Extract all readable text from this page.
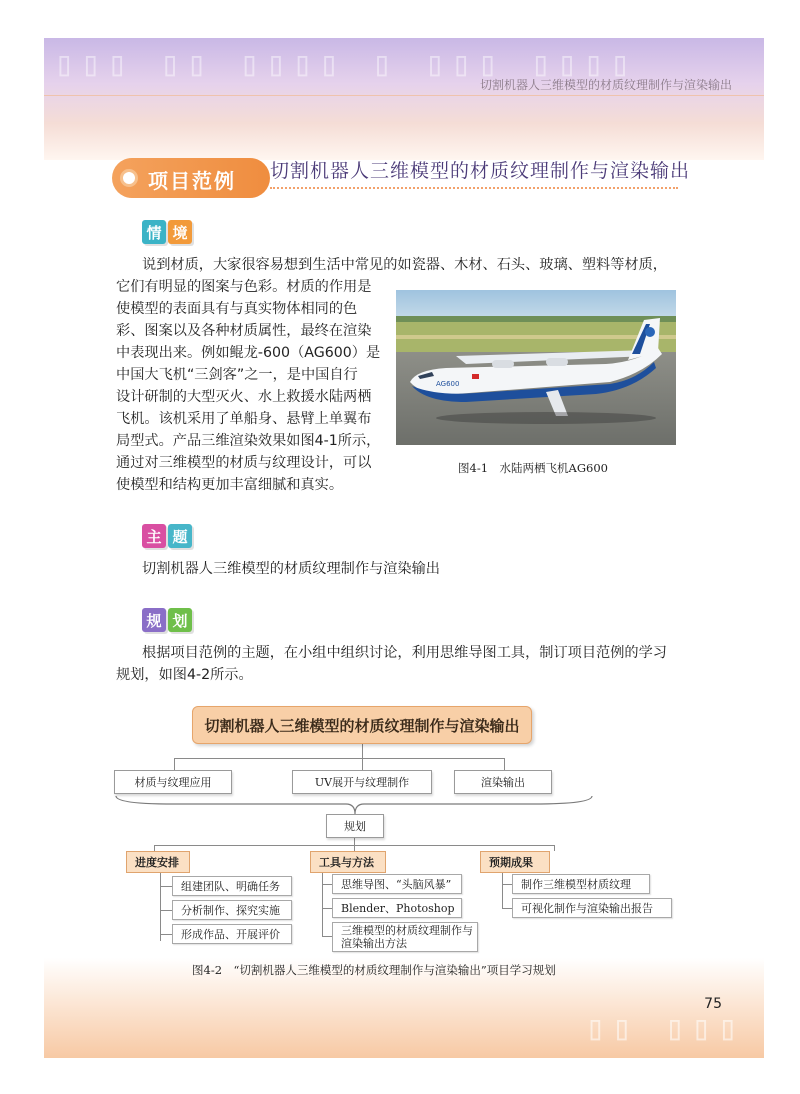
▯▯▯ ▯▯ ▯▯▯▯ ▯ ▯▯▯ ▯▯▯▯
切割机器人三维模型的材质纹理制作与渲染输出
▯▯ ▯▯▯
75
项目范例 切割机器人三维模型的材质纹理制作与渲染输出
情 境
说到材质，大家很容易想到生活中常见的如瓷器、木材、石头、玻璃、塑料等材质，
它们有明显的图案与色彩。材质的作用是
使模型的表面具有与真实物体相同的色
彩、图案以及各种材质属性，最终在渲染
中表现出来。例如鲲龙-600（AG600）是
中国大飞机“三剑客”之一，是中国自行
设计研制的大型灭火、水上救援水陆两栖
飞机。该机采用了单船身、悬臂上单翼布
局型式。产品三维渲染效果如图4-1所示，
通过对三维模型的材质与纹理设计，可以
使模型和结构更加丰富细腻和真实。
AG600
图4-1　水陆两栖飞机AG600
主 题
切割机器人三维模型的材质纹理制作与渲染输出
规 划
根据项目范例的主题，在小组中组织讨论，利用思维导图工具，制订项目范例的学习
规划，如图4-2所示。
切割机器人三维模型的材质纹理制作与渲染输出
材质与纹理应用	UV展开与纹理制作	渲染输出
规划
进度安排	工具与方法	预期成果
组建团队、明确任务
分析制作、探究实施
形成作品、开展评价
思维导图、“头脑风暴”
Blender、Photoshop
三维模型的材质纹理制作与渲染输出方法
制作三维模型材质纹理
可视化制作与渲染输出报告
图4-2　“切割机器人三维模型的材质纹理制作与渲染输出”项目学习规划
